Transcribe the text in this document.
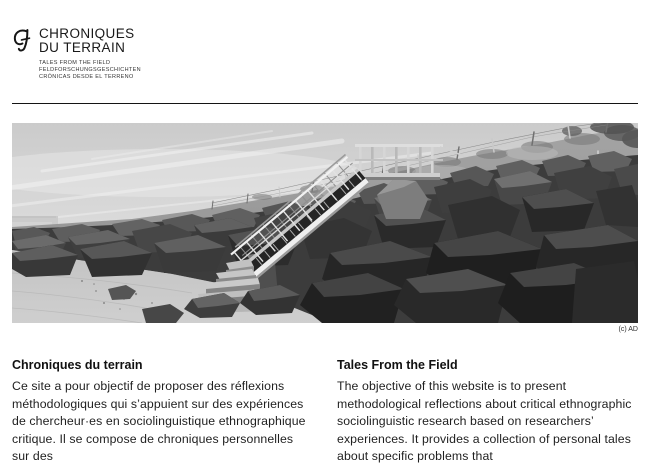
CHRONIQUES
DU TERRAIN
TALES FROM THE FIELD
FELDFORSCHUNGSGESCHICHTEN
CRÓNICAS DESDE EL TERRENO
(c) AD
Chroniques du terrain

Ce site a pour objectif de proposer des réflexions méthodologiques qui s’appuient sur des expériences de chercheur·es en sociolinguistique ethnographique critique. Il se compose de chroniques personnelles sur des

Tales From the Field

The objective of this website is to present methodological reflections about critical ethnographic sociolinguistic research based on researchers’ experiences. It provides a collection of personal tales about specific problems that
